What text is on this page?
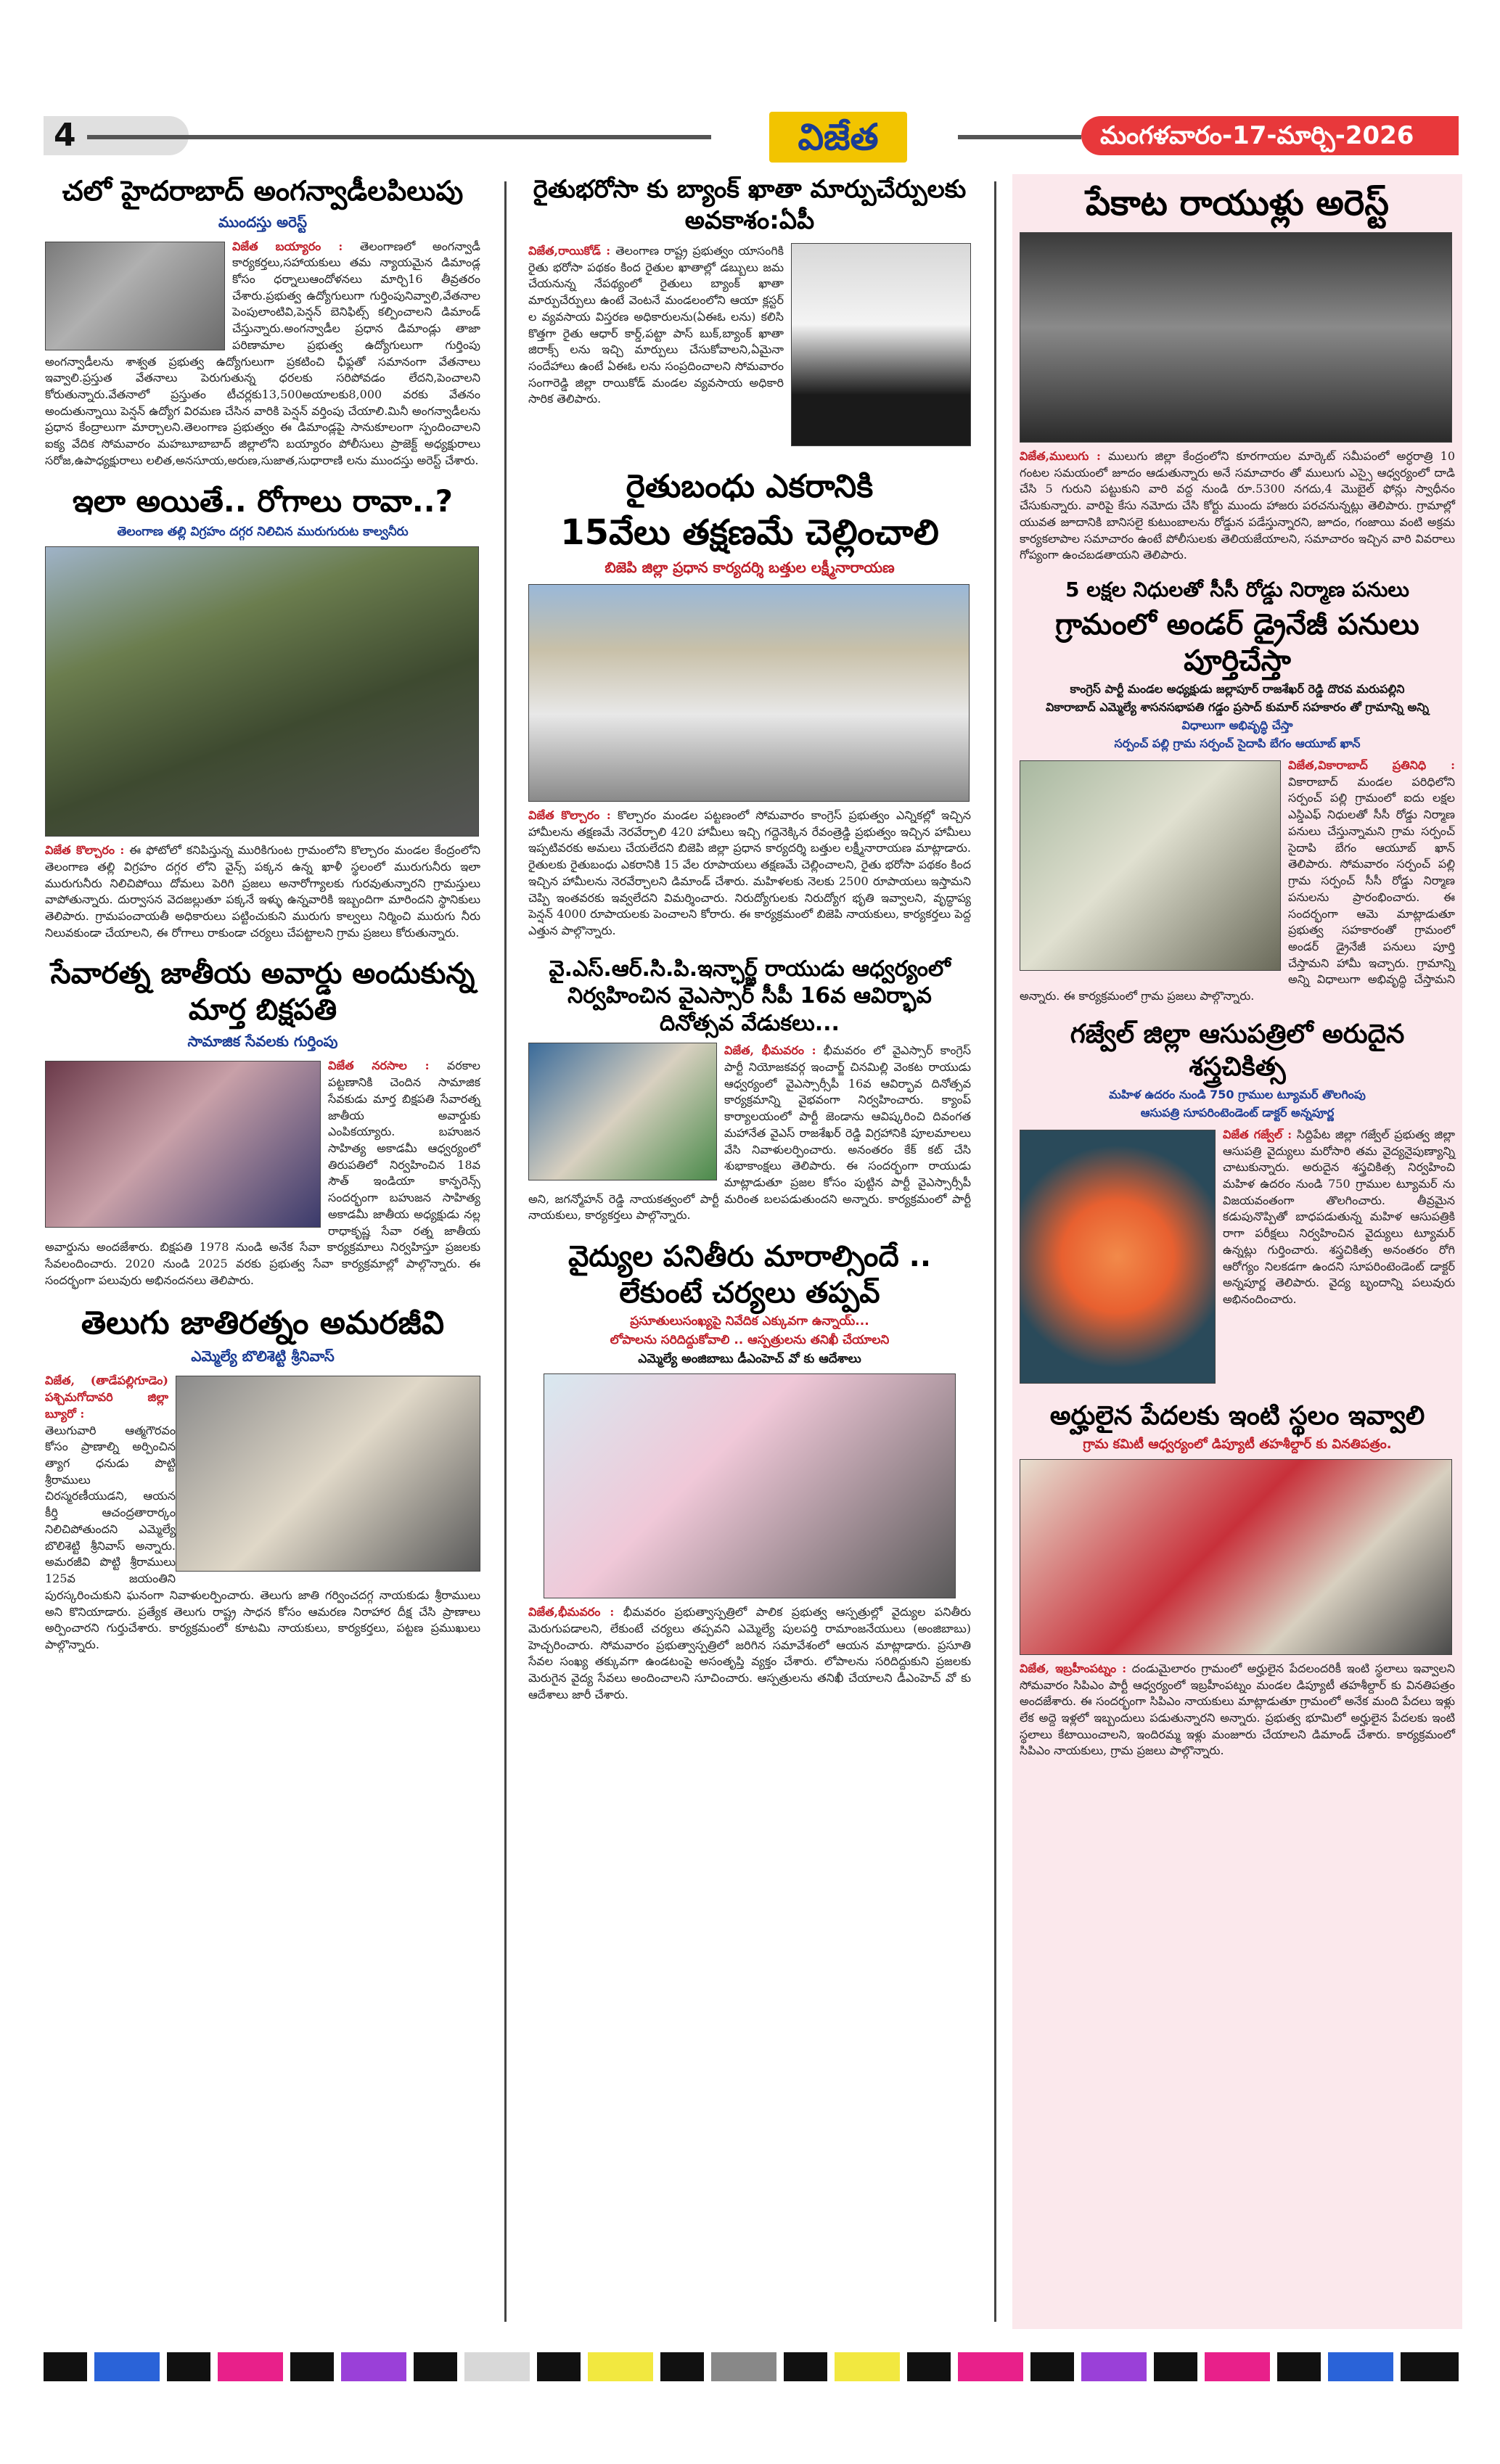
4	విజేత	మంగళవారం-17-మార్చి-2026
చలో హైదరాబాద్ అంగన్వాడీలపిలుపు
ముందస్తు అరెస్ట్
విజేత బయ్యారం : తెలంగాణలో అంగన్వాడీ కార్యకర్తలు,సహాయకులు తమ న్యాయమైన డిమాండ్ల కోసం ధర్నాలుఆందోళనలు మార్చి16 తీవ్రతరం చేశారు.ప్రభుత్వ ఉద్యోగులుగా గుర్తింపునివ్వాలి,వేతనాల పెంపులాంటివి,పెన్షన్ బెనిఫిట్స్ కల్పించాలని డిమాండ్ చేస్తున్నారు.అంగన్వాడీల ప్రధాన డిమాండ్లు తాజా పరిణామాల ప్రభుత్వ ఉద్యోగులుగా గుర్తింపు అంగన్వాడీలను శాశ్వత ప్రభుత్వ ఉద్యోగులుగా ప్రకటించి ఛీఫ్లతో సమానంగా వేతనాలు ఇవ్వాలి.ప్రస్తుత వేతనాలు పెరుగుతున్న ధరలకు సరిపోవడం లేదని,పెంచాలని కోరుతున్నారు.వేతనాలో ప్రస్తుతం టీచర్లకు13,500అయాలకు8,000 వరకు వేతనం అందుతున్నాయి పెన్షన్ ఉద్యోగ విరమణ చేసిన వారికి పెన్షన్ వర్తింపు చేయాలి.మినీ అంగన్వాడీలను ప్రధాన కేంద్రాలుగా మార్చాలని.తెలంగాణ ప్రభుత్వం ఈ డిమాండ్లపై సానుకూలంగా స్పందించాలని ఐక్య వేదిక సోమవారం మహబూబాబాద్ జిల్లాలోని బయ్యారం పోలీసులు ప్రాజెక్ట్ అధ్యక్షురాలు సరోజ,ఉపాధ్యక్షురాలు లలిత,అనసూయ,అరుణ,సుజాత,సుధారాణి లను ముందస్తు అరెస్ట్ చేశారు.
ఇలా అయితే.. రోగాలు రావా..?
తెలంగాణ తల్లి విగ్రహం దగ్గర నిలిచిన మురుగురుట కాల్వనీరు
విజేత కొల్చారం : ఈ ఫోటోలో కనిపిస్తున్న మురికిగుంట గ్రామంలోని కొల్చారం మండల కేంద్రంలోని తెలంగాణ తల్లి విగ్రహం దగ్గర లోని వైన్స్ పక్కన ఉన్న ఖాళీ స్థలంలో మురుగునీరు ఇలా మురుగునీరు నిలిచిపోయి దోమలు పెరిగి ప్రజలు అనారోగ్యాలకు గురవుతున్నారని గ్రామస్తులు వాపోతున్నారు. దుర్వాసన వెదజల్లుతూ పక్కనే ఇళ్ళు ఉన్నవారికి ఇబ్బందిగా మారిందని స్థానికులు తెలిపారు. గ్రామపంచాయతీ అధికారులు పట్టించుకుని మురుగు కాల్వలు నిర్మించి మురుగు నీరు నిలువకుండా చేయాలని, ఈ రోగాలు రాకుండా చర్యలు చేపట్టాలని గ్రామ ప్రజలు కోరుతున్నారు.
సేవారత్న జాతీయ అవార్డు అందుకున్న మార్త బిక్షపతి
సామాజిక సేవలకు గుర్తింపు
విజేత నరసాల : వరకాల పట్టణానికి చెందిన సామాజిక సేవకుడు మార్త బిక్షపతి సేవారత్న జాతీయ అవార్డుకు ఎంపికయ్యారు. బహుజన సాహిత్య అకాడమీ ఆధ్వర్యంలో తిరుపతిలో నిర్వహించిన 18వ సౌత్ ఇండియా కాన్ఫరెన్స్ సందర్భంగా బహుజన సాహిత్య అకాడమీ జాతీయ అధ్యక్షుడు నల్ల రాధాకృష్ణ సేవా రత్న జాతీయ అవార్డును అందజేశారు. బిక్షపతి 1978 నుండి అనేక సేవా కార్యక్రమాలు నిర్వహిస్తూ ప్రజలకు సేవలందించారు. 2020 నుండి 2025 వరకు ప్రభుత్వ సేవా కార్యక్రమాల్లో పాల్గొన్నారు. ఈ సందర్భంగా పలువురు అభినందనలు తెలిపారు.
తెలుగు జాతిరత్నం అమరజీవి
ఎమ్మెల్యే బొలిశెట్టి శ్రీనివాస్
విజేత, (తాడేపల్లిగూడెం) పశ్చిమగోదావరి జిల్లా బ్యూరో :
తెలుగువారి ఆత్మగౌరవం కోసం ప్రాణాల్ని అర్పించిన త్యాగ ధనుడు పొట్టి శ్రీరాములు చిరస్మరణీయుడని, ఆయన కీర్తి ఆచంద్రతారార్కం నిలిచిపోతుందని ఎమ్మెల్యే బొలిశెట్టి శ్రీనివాస్ అన్నారు. అమరజీవి పొట్టి శ్రీరాములు 125వ జయంతిని పురస్కరించుకుని ఘనంగా నివాళులర్పించారు. తెలుగు జాతి గర్వించదగ్గ నాయకుడు శ్రీరాములు అని కొనియాడారు. ప్రత్యేక తెలుగు రాష్ట్ర సాధన కోసం ఆమరణ నిరాహార దీక్ష చేసి ప్రాణాలు అర్పించారని గుర్తుచేశారు. కార్యక్రమంలో కూటమి నాయకులు, కార్యకర్తలు, పట్టణ ప్రముఖులు పాల్గొన్నారు.
రైతుభరోసా కు బ్యాంక్ ఖాతా మార్పుచేర్పులకు అవకాశం:ఏపీ
విజేత,రాయికోడ్ : తెలంగాణ రాష్ట్ర ప్రభుత్వం యాసంగికి రైతు భరోసా పథకం కింద రైతుల ఖాతాల్లో డబ్బులు జమ చేయనున్న నేపథ్యంలో రైతులు బ్యాంక్ ఖాతా మార్పుచేర్పులు ఉంటే వెంటనే మండలంలోని ఆయా క్లస్టర్ ల వ్యవసాయ విస్తరణ అధికారులను(ఏఈఓ లను) కలిసి కొత్తగా రైతు ఆధార్ కార్డ్,పట్టా పాస్ బుక్,బ్యాంక్ ఖాతా జిరాక్స్ లను ఇచ్చి మార్పులు చేసుకోవాలని,ఏమైనా సందేహాలు ఉంటే ఏఈఓ లను సంప్రదించాలని సోమవారం సంగారెడ్డి జిల్లా రాయికోడ్ మండల వ్యవసాయ అధికారి సారిక తెలిపారు.
రైతుబంధు ఎకరానికి
15వేలు తక్షణమే చెల్లించాలి
బిజెపి జిల్లా ప్రధాన కార్యదర్శి బత్తుల లక్ష్మీనారాయణ
విజేత కొల్చారం : కొల్చారం మండల పట్టణంలో సోమవారం కాంగ్రెస్ ప్రభుత్వం ఎన్నికల్లో ఇచ్చిన హామీలను తక్షణమే నెరవేర్చాలి 420 హామీలు ఇచ్చి గద్దెనెక్కిన రేవంత్రెడ్డి ప్రభుత్వం ఇచ్చిన హామీలు ఇప్పటివరకు అమలు చేయలేదని బిజెపి జిల్లా ప్రధాన కార్యదర్శి బత్తుల లక్ష్మీనారాయణ మాట్లాడారు. రైతులకు రైతుబంధు ఎకరానికి 15 వేల రూపాయలు తక్షణమే చెల్లించాలని, రైతు భరోసా పథకం కింద ఇచ్చిన హామీలను నెరవేర్చాలని డిమాండ్ చేశారు. మహిళలకు నెలకు 2500 రూపాయలు ఇస్తామని చెప్పి ఇంతవరకు ఇవ్వలేదని విమర్శించారు. నిరుద్యోగులకు నిరుద్యోగ భృతి ఇవ్వాలని, వృద్ధాప్య పెన్షన్ 4000 రూపాయలకు పెంచాలని కోరారు. ఈ కార్యక్రమంలో బిజెపి నాయకులు, కార్యకర్తలు పెద్ద ఎత్తున పాల్గొన్నారు.
వై.ఎస్.ఆర్.సి.పి.ఇన్ఛార్జ్ రాయుడు ఆధ్వర్యంలో నిర్వహించిన వైఎస్సార్ సీపీ 16వ ఆవిర్భావ దినోత్సవ వేడుకలు...
విజేత, భీమవరం : భీమవరం లో వైఎస్సార్ కాంగ్రెస్ పార్టీ నియోజకవర్గ ఇంచార్జ్ చినమిల్లి వెంకట రాయుడు ఆధ్వర్యంలో వైఎస్సార్సీపీ 16వ ఆవిర్భావ దినోత్సవ కార్యక్రమాన్ని వైభవంగా నిర్వహించారు. క్యాంప్ కార్యాలయంలో పార్టీ జెండాను ఆవిష్కరించి దివంగత మహానేత వైఎస్ రాజశేఖర్ రెడ్డి విగ్రహానికి పూలమాలలు వేసి నివాళులర్పించారు. అనంతరం కేక్ కట్ చేసి శుభాకాంక్షలు తెలిపారు. ఈ సందర్భంగా రాయుడు మాట్లాడుతూ ప్రజల కోసం పుట్టిన పార్టీ వైఎస్సార్సీపీ అని, జగన్మోహన్ రెడ్డి నాయకత్వంలో పార్టీ మరింత బలపడుతుందని అన్నారు. కార్యక్రమంలో పార్టీ నాయకులు, కార్యకర్తలు పాల్గొన్నారు.
వైద్యుల పనితీరు మారాల్సిందే .. లేకుంటే చర్యలు తప్పవ్
ప్రసూతులుసంఖ్యపై నివేదిక ఎక్కువగా ఉన్నాయ్...
లోపాలను సరిదిద్దుకోవాలి .. ఆస్పత్రులను తనిఖీ చేయాలని
ఎమ్మెల్యే అంజిబాబు డీఎంహెచ్ వో కు ఆదేశాలు
విజేత,భీమవరం : భీమవరం ప్రభుత్వాస్పత్రిలో పాలిక ప్రభుత్వ ఆస్పత్రుల్లో వైద్యుల పనితీరు మెరుగుపడాలని, లేకుంటే చర్యలు తప్పవని ఎమ్మెల్యే పులపర్తి రామాంజనేయులు (అంజిబాబు) హెచ్చరించారు. సోమవారం ప్రభుత్వాస్పత్రిలో జరిగిన సమావేశంలో ఆయన మాట్లాడారు. ప్రసూతి సేవల సంఖ్య తక్కువగా ఉండటంపై అసంతృప్తి వ్యక్తం చేశారు. లోపాలను సరిదిద్దుకుని ప్రజలకు మెరుగైన వైద్య సేవలు అందించాలని సూచించారు. ఆస్పత్రులను తనిఖీ చేయాలని డీఎంహెచ్ వో కు ఆదేశాలు జారీ చేశారు.
పేకాట రాయుళ్లు అరెస్ట్
విజేత,ములుగు : ములుగు జిల్లా కేంద్రంలోని కూరగాయల మార్కెట్ సమీపంలో అర్ధరాత్రి 10 గంటల సమయంలో జూదం ఆడుతున్నారు అనే సమాచారం తో ములుగు ఎస్సై ఆధ్వర్యంలో దాడి చేసి 5 గురుని పట్టుకుని వారి వద్ద నుండి రూ.5300 నగదు,4 మొబైల్ ఫోన్లు స్వాధీనం చేసుకున్నారు. వారిపై కేసు నమోదు చేసి కోర్టు ముందు హాజరు పరచనున్నట్లు తెలిపారు. గ్రామాల్లో యువత జూదానికి బానిసలై కుటుంబాలను రోడ్డున పడేస్తున్నారని, జూదం, గంజాయి వంటి అక్రమ కార్యకలాపాల సమాచారం ఉంటే పోలీసులకు తెలియజేయాలని, సమాచారం ఇచ్చిన వారి వివరాలు గోప్యంగా ఉంచబడతాయని తెలిపారు.
5 లక్షల నిధులతో సీసీ రోడ్డు నిర్మాణ పనులు
గ్రామంలో అండర్ డ్రైనేజీ పనులు పూర్తిచేస్తా
కాంగ్రెస్ పార్టీ మండల అధ్యక్షుడు జల్లాపూర్ రాజశేఖర్ రెడ్డి దొరవ మరుపల్లిని
వికారాబాద్ ఎమ్మెల్యే శాసనసభాపతి గడ్డం ప్రసాద్ కుమార్ సహకారం తో గ్రామాన్ని అన్ని
విధాలుగా అభివృద్ధి చేస్తా
సర్పంచ్ పల్లి గ్రామ సర్పంచ్ సైదాపి బేగం ఆయూబ్ ఖాన్
విజేత,వికారాబాద్ ప్రతినిధి : వికారాబాద్ మండల పరిధిలోని సర్పంచ్ పల్లి గ్రామంలో ఐదు లక్షల ఎస్డిఎఫ్ నిధులతో సీసీ రోడ్డు నిర్మాణ పనులు చేస్తున్నామని గ్రామ సర్పంచ్ సైదాపి బేగం ఆయూబ్ ఖాన్ తెలిపారు. సోమవారం సర్పంచ్ పల్లి గ్రామ సర్పంచ్ సీసీ రోడ్డు నిర్మాణ పనులను ప్రారంభించారు. ఈ సందర్భంగా ఆమె మాట్లాడుతూ ప్రభుత్వ సహకారంతో గ్రామంలో అండర్ డ్రైనేజీ పనులు పూర్తి చేస్తామని హామీ ఇచ్చారు. గ్రామాన్ని అన్ని విధాలుగా అభివృద్ధి చేస్తామని అన్నారు. ఈ కార్యక్రమంలో గ్రామ ప్రజలు పాల్గొన్నారు.
గజ్వేల్ జిల్లా ఆసుపత్రిలో అరుదైన శస్త్రచికిత్స
మహిళ ఉదరం నుండి 750 గ్రాముల ట్యూమర్ తొలగింపు
ఆసుపత్రి సూపరింటెండెంట్ డాక్టర్ అన్నపూర్ణ
విజేత గజ్వేల్ : సిద్దిపేట జిల్లా గజ్వేల్ ప్రభుత్వ జిల్లా ఆసుపత్రి వైద్యులు మరోసారి తమ వైద్యనైపుణ్యాన్ని చాటుకున్నారు. అరుదైన శస్త్రచికిత్స నిర్వహించి మహిళ ఉదరం నుండి 750 గ్రాముల ట్యూమర్ ను విజయవంతంగా తొలగించారు. తీవ్రమైన కడుపునొప్పితో బాధపడుతున్న మహిళ ఆసుపత్రికి రాగా పరీక్షలు నిర్వహించిన వైద్యులు ట్యూమర్ ఉన్నట్లు గుర్తించారు. శస్త్రచికిత్స అనంతరం రోగి ఆరోగ్యం నిలకడగా ఉందని సూపరింటెండెంట్ డాక్టర్ అన్నపూర్ణ తెలిపారు. వైద్య బృందాన్ని పలువురు అభినందించారు.
అర్హులైన పేదలకు ఇంటి స్థలం ఇవ్వాలి
గ్రామ కమిటీ ఆధ్వర్యంలో డిప్యూటీ తహశీల్దార్ కు వినతిపత్రం.
విజేత, ఇబ్రహీంపట్నం : దండుమైలారం గ్రామంలో అర్హులైన పేదలందరికీ ఇంటి స్థలాలు ఇవ్వాలని సోమవారం సిపిఎం పార్టీ ఆధ్వర్యంలో ఇబ్రహీంపట్నం మండల డిప్యూటీ తహశీల్దార్ కు వినతిపత్రం అందజేశారు. ఈ సందర్భంగా సిపిఎం నాయకులు మాట్లాడుతూ గ్రామంలో అనేక మంది పేదలు ఇళ్లు లేక అద్దె ఇళ్లలో ఇబ్బందులు పడుతున్నారని అన్నారు. ప్రభుత్వ భూమిలో అర్హులైన పేదలకు ఇంటి స్థలాలు కేటాయించాలని, ఇందిరమ్మ ఇళ్లు మంజూరు చేయాలని డిమాండ్ చేశారు. కార్యక్రమంలో సిపిఎం నాయకులు, గ్రామ ప్రజలు పాల్గొన్నారు.
